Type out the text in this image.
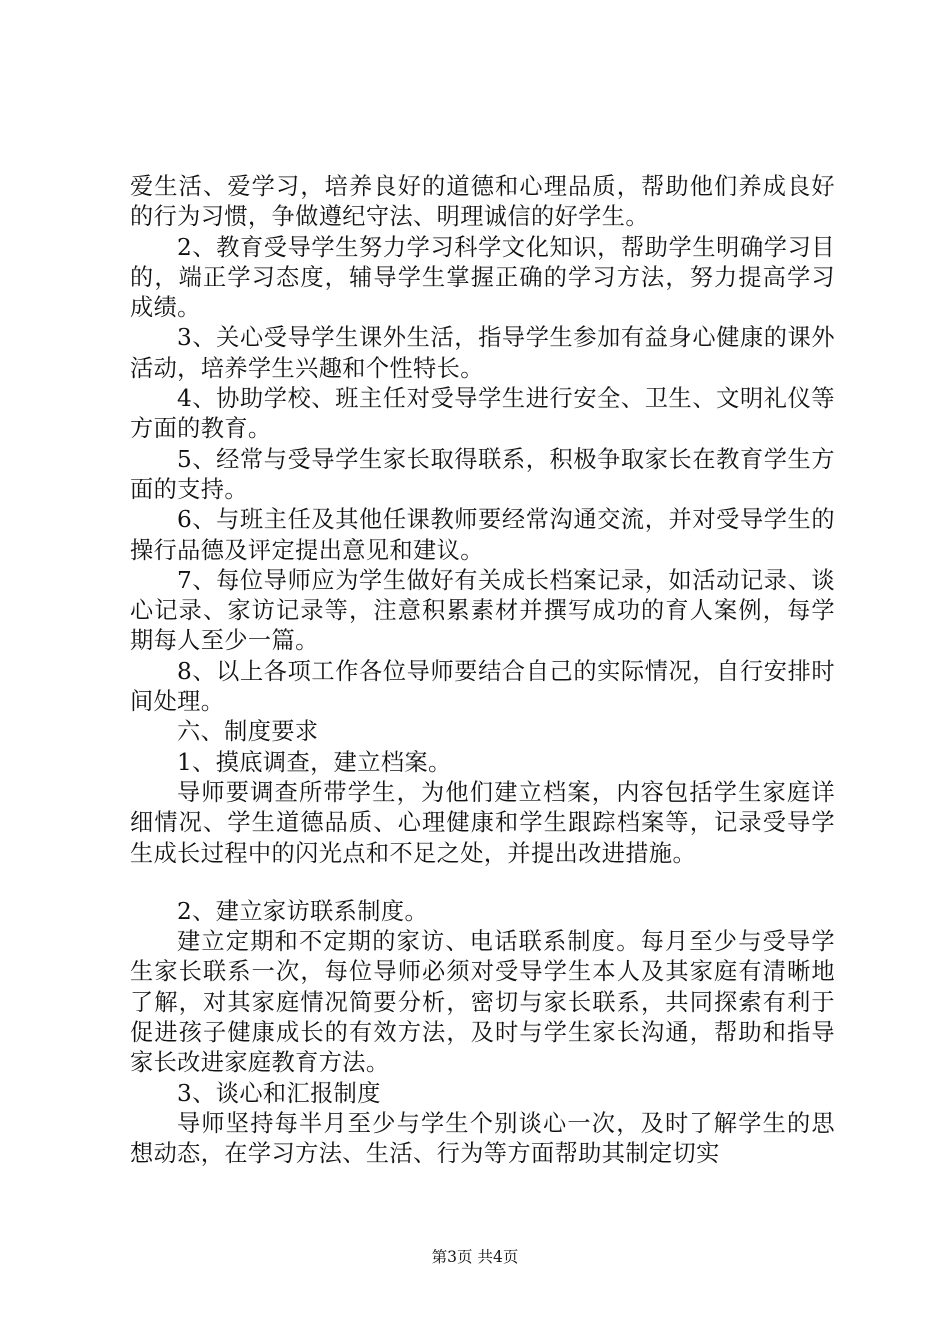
爱生活、爱学习，培养良好的道德和心理品质，帮助他们养成良好的行为习惯，争做遵纪守法、明理诚信的好学生。

2、教育受导学生努力学习科学文化知识，帮助学生明确学习目的，端正学习态度，辅导学生掌握正确的学习方法，努力提高学习成绩。

3、关心受导学生课外生活，指导学生参加有益身心健康的课外活动，培养学生兴趣和个性特长。

4、协助学校、班主任对受导学生进行安全、卫生、文明礼仪等方面的教育。

5、经常与受导学生家长取得联系，积极争取家长在教育学生方面的支持。

6、与班主任及其他任课教师要经常沟通交流，并对受导学生的操行品德及评定提出意见和建议。

7、每位导师应为学生做好有关成长档案记录，如活动记录、谈心记录、家访记录等，注意积累素材并撰写成功的育人案例，每学期每人至少一篇。

8、以上各项工作各位导师要结合自己的实际情况，自行安排时间处理。

六、制度要求

1、摸底调查，建立档案。

导师要调查所带学生，为他们建立档案，内容包括学生家庭详细情况、学生道德品质、心理健康和学生跟踪档案等，记录受导学生成长过程中的闪光点和不足之处，并提出改进措施。

2、建立家访联系制度。

建立定期和不定期的家访、电话联系制度。每月至少与受导学生家长联系一次，每位导师必须对受导学生本人及其家庭有清晰地了解，对其家庭情况简要分析，密切与家长联系，共同探索有利于促进孩子健康成长的有效方法，及时与学生家长沟通，帮助和指导家长改进家庭教育方法。

3、谈心和汇报制度

导师坚持每半月至少与学生个别谈心一次，及时了解学生的思想动态，在学习方法、生活、行为等方面帮助其制定切实

第3页 共4页
